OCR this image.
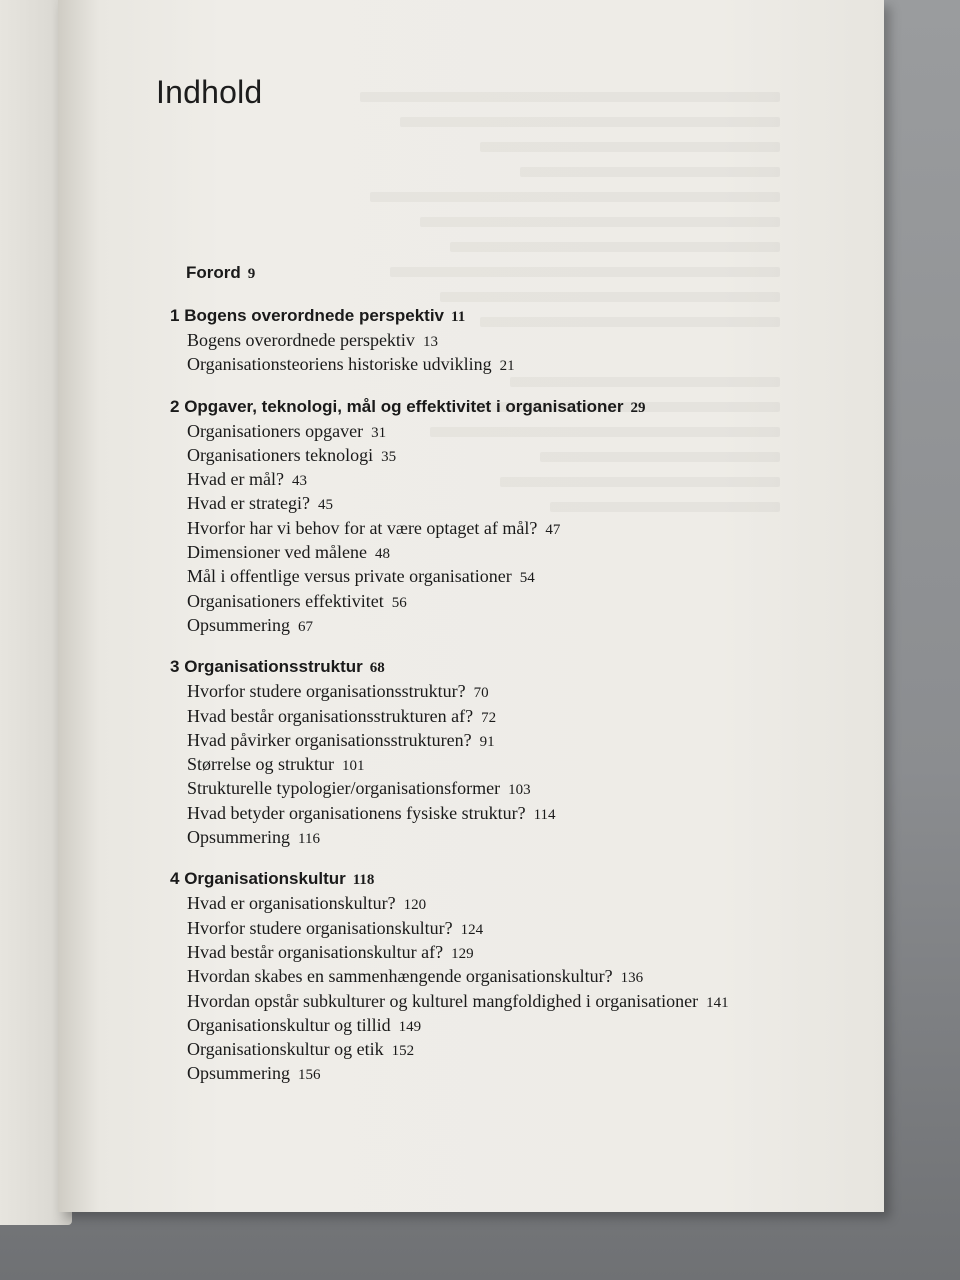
Indhold
Forord 9
1 Bogens overordnede perspektiv 11
Bogens overordnede perspektiv 13
Organisationsteoriens historiske udvikling 21
2 Opgaver, teknologi, mål og effektivitet i organisationer 29
Organisationers opgaver 31
Organisationers teknologi 35
Hvad er mål? 43
Hvad er strategi? 45
Hvorfor har vi behov for at være optaget af mål? 47
Dimensioner ved målene 48
Mål i offentlige versus private organisationer 54
Organisationers effektivitet 56
Opsummering 67
3 Organisationsstruktur 68
Hvorfor studere organisationsstruktur? 70
Hvad består organisationsstrukturen af? 72
Hvad påvirker organisationsstrukturen? 91
Størrelse og struktur 101
Strukturelle typologier/organisationsformer 103
Hvad betyder organisationens fysiske struktur? 114
Opsummering 116
4 Organisationskultur 118
Hvad er organisationskultur? 120
Hvorfor studere organisationskultur? 124
Hvad består organisationskultur af? 129
Hvordan skabes en sammenhængende organisationskultur? 136
Hvordan opstår subkulturer og kulturel mangfoldighed i organisationer 141
Organisationskultur og tillid 149
Organisationskultur og etik 152
Opsummering 156
